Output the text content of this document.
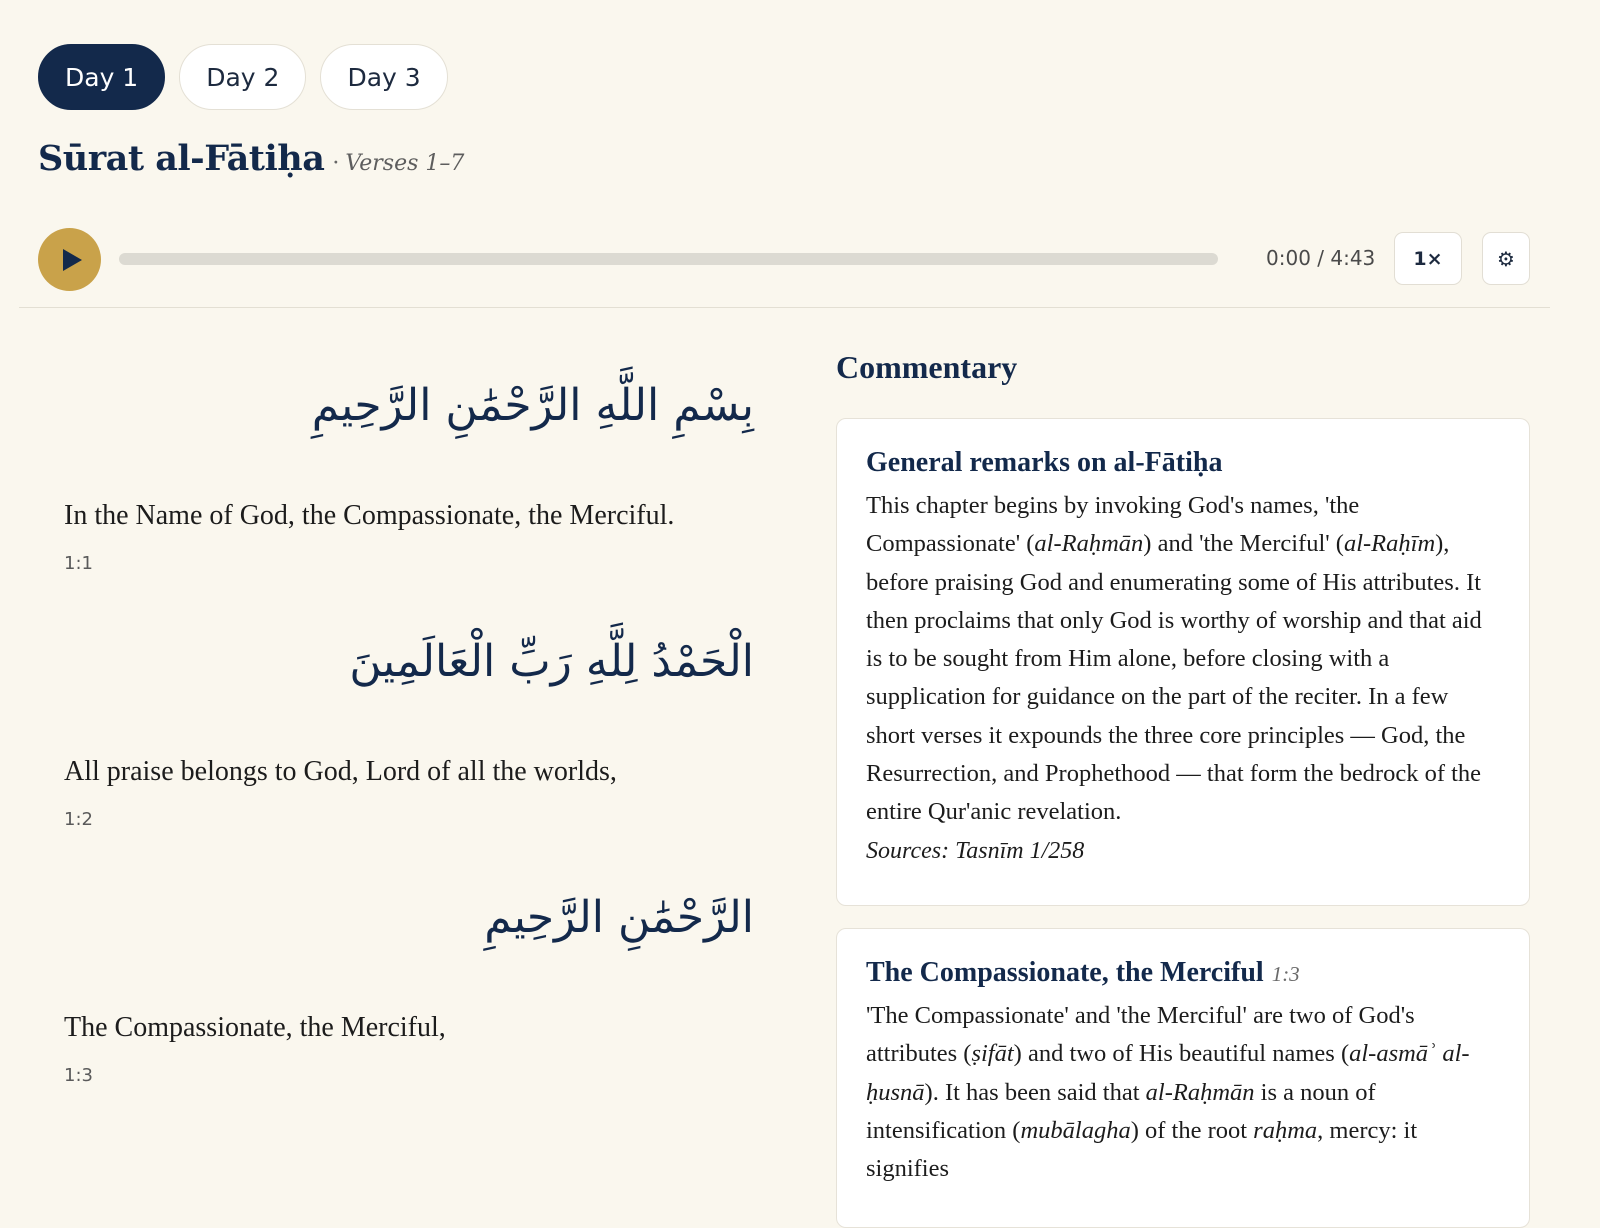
Day 1	Day 2	Day 3
Sūrat al-Fātiḥa · Verses 1–7
0:00 / 4:43	1×	⚙
بِسْمِ اللَّهِ الرَّحْمَٰنِ الرَّحِيمِ
In the Name of God, the Compassionate, the Merciful.
1:1
الْحَمْدُ لِلَّهِ رَبِّ الْعَالَمِينَ
All praise belongs to God, Lord of all the worlds,
1:2
الرَّحْمَٰنِ الرَّحِيمِ
The Compassionate, the Merciful,
1:3
Commentary
General remarks on al-Fātiḥa
This chapter begins by invoking God's names, 'the Compassionate' (al-Raḥmān) and 'the Merciful' (al-Raḥīm), before praising God and enumerating some of His attributes. It then proclaims that only God is worthy of worship and that aid is to be sought from Him alone, before closing with a supplication for guidance on the part of the reciter. In a few short verses it expounds the three core principles — God, the Resurrection, and Prophethood — that form the bedrock of the entire Qur'anic revelation.
Sources: Tasnīm 1/258
The Compassionate, the Merciful 1:3
'The Compassionate' and 'the Merciful' are two of God's attributes (ṣifāt) and two of His beautiful names (al-asmāʾ al-ḥusnā). It has been said that al-Raḥmān is a noun of intensification (mubālagha) of the root raḥma, mercy: it signifies
